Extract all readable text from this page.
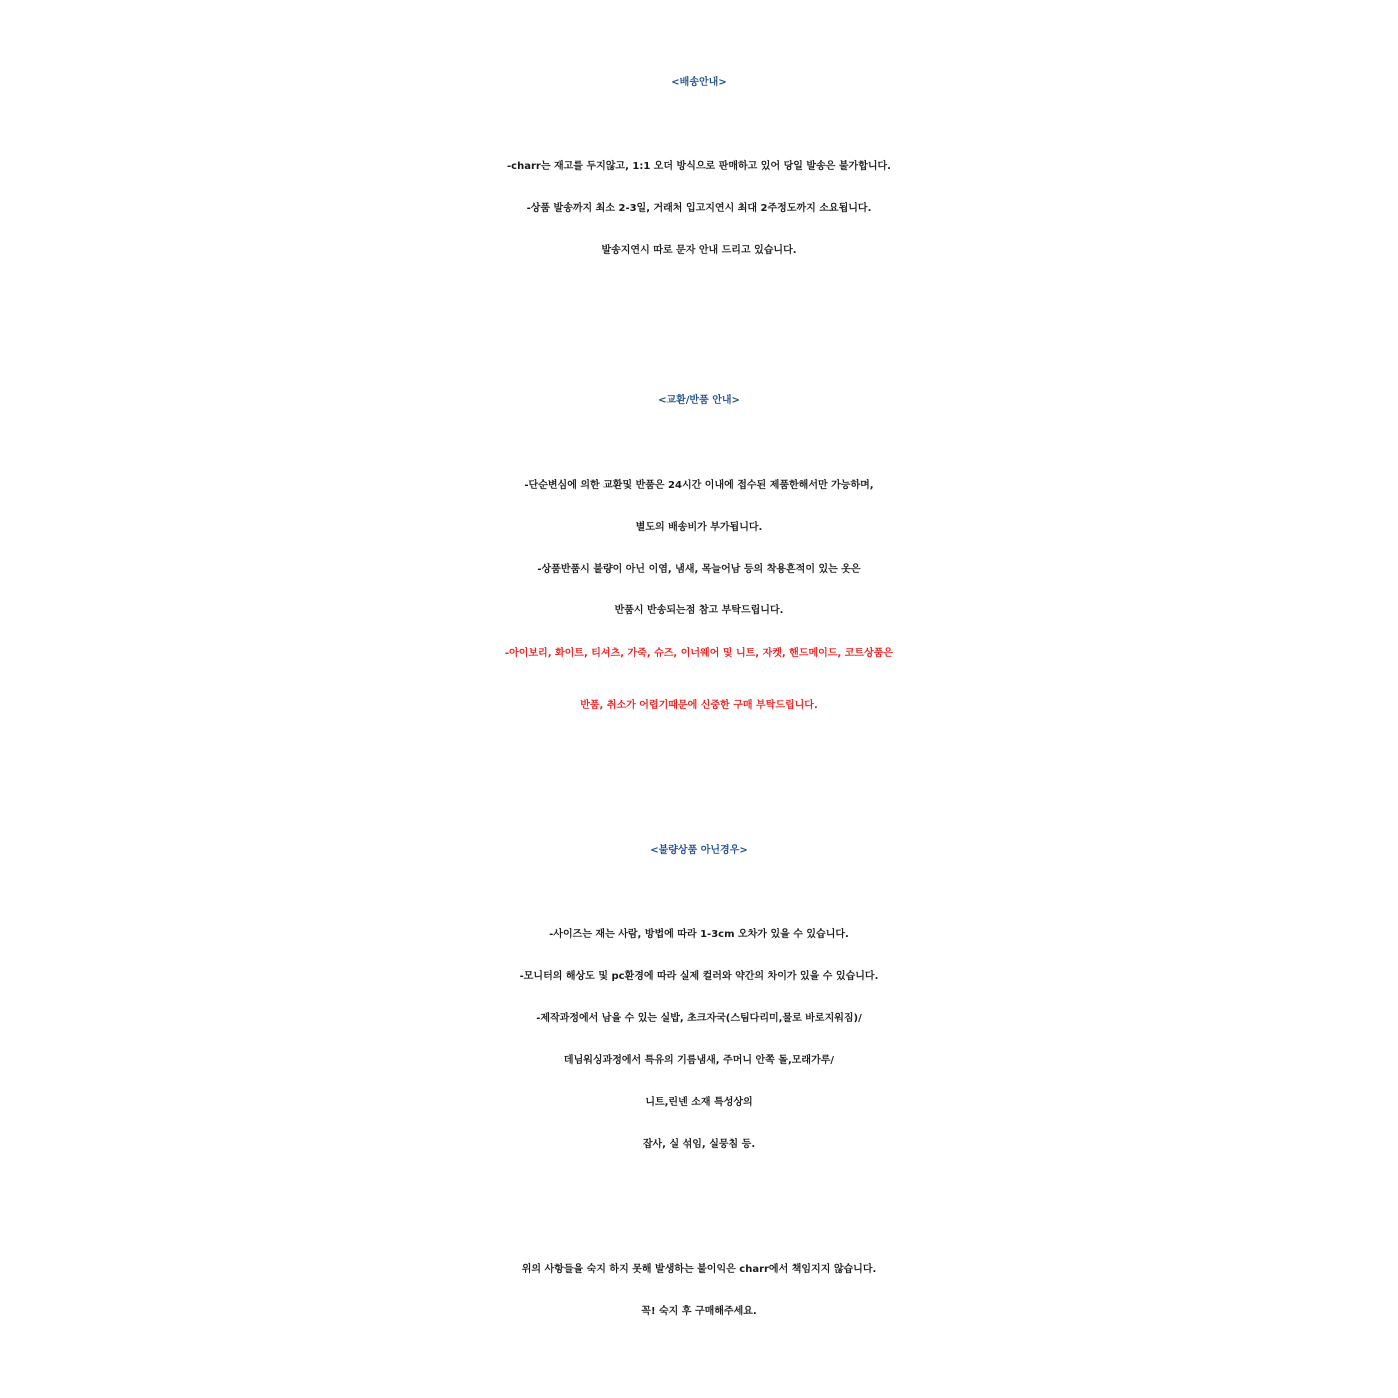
<배송안내>
-charr는 재고를 두지않고, 1:1 오더 방식으로 판매하고 있어 당일 발송은 불가합니다.
-상품 발송까지 최소 2-3일, 거래처 입고지연시 최대 2주정도까지 소요됩니다.
발송지연시 따로 문자 안내 드리고 있습니다.
<교환/반품 안내>
-단순변심에 의한 교환및 반품은 24시간 이내에 접수된 제품한해서만 가능하며,
별도의 배송비가 부가됩니다.
-상품반품시 불량이 아닌 이염, 냄새, 목늘어남 등의 착용흔적이 있는 옷은
반품시 반송되는점 참고 부탁드립니다.
-아이보리, 화이트, 티셔츠, 가죽, 슈즈, 이너웨어 및 니트, 자켓, 핸드메이드, 코트상품은
반품, 취소가 어렵기때문에 신중한 구매 부탁드립니다.
<불량상품 아닌경우>
-사이즈는 재는 사람, 방법에 따라 1-3cm 오차가 있을 수 있습니다.
-모니터의 해상도 및 pc환경에 따라 실제 컬러와 약간의 차이가 있을 수 있습니다.
-제작과정에서 남을 수 있는 실밥, 초크자국(스팀다리미,물로 바로지워짐)/
데님워싱과정에서 특유의 기름냄새, 주머니 안쪽 돌,모래가루/
니트,린넨 소재 특성상의
잡사, 실 섞임, 실뭉침 등.
위의 사항들을 숙지 하지 못해 발생하는 불이익은 charr에서 책임지지 않습니다.
꼭! 숙지 후 구매해주세요.
